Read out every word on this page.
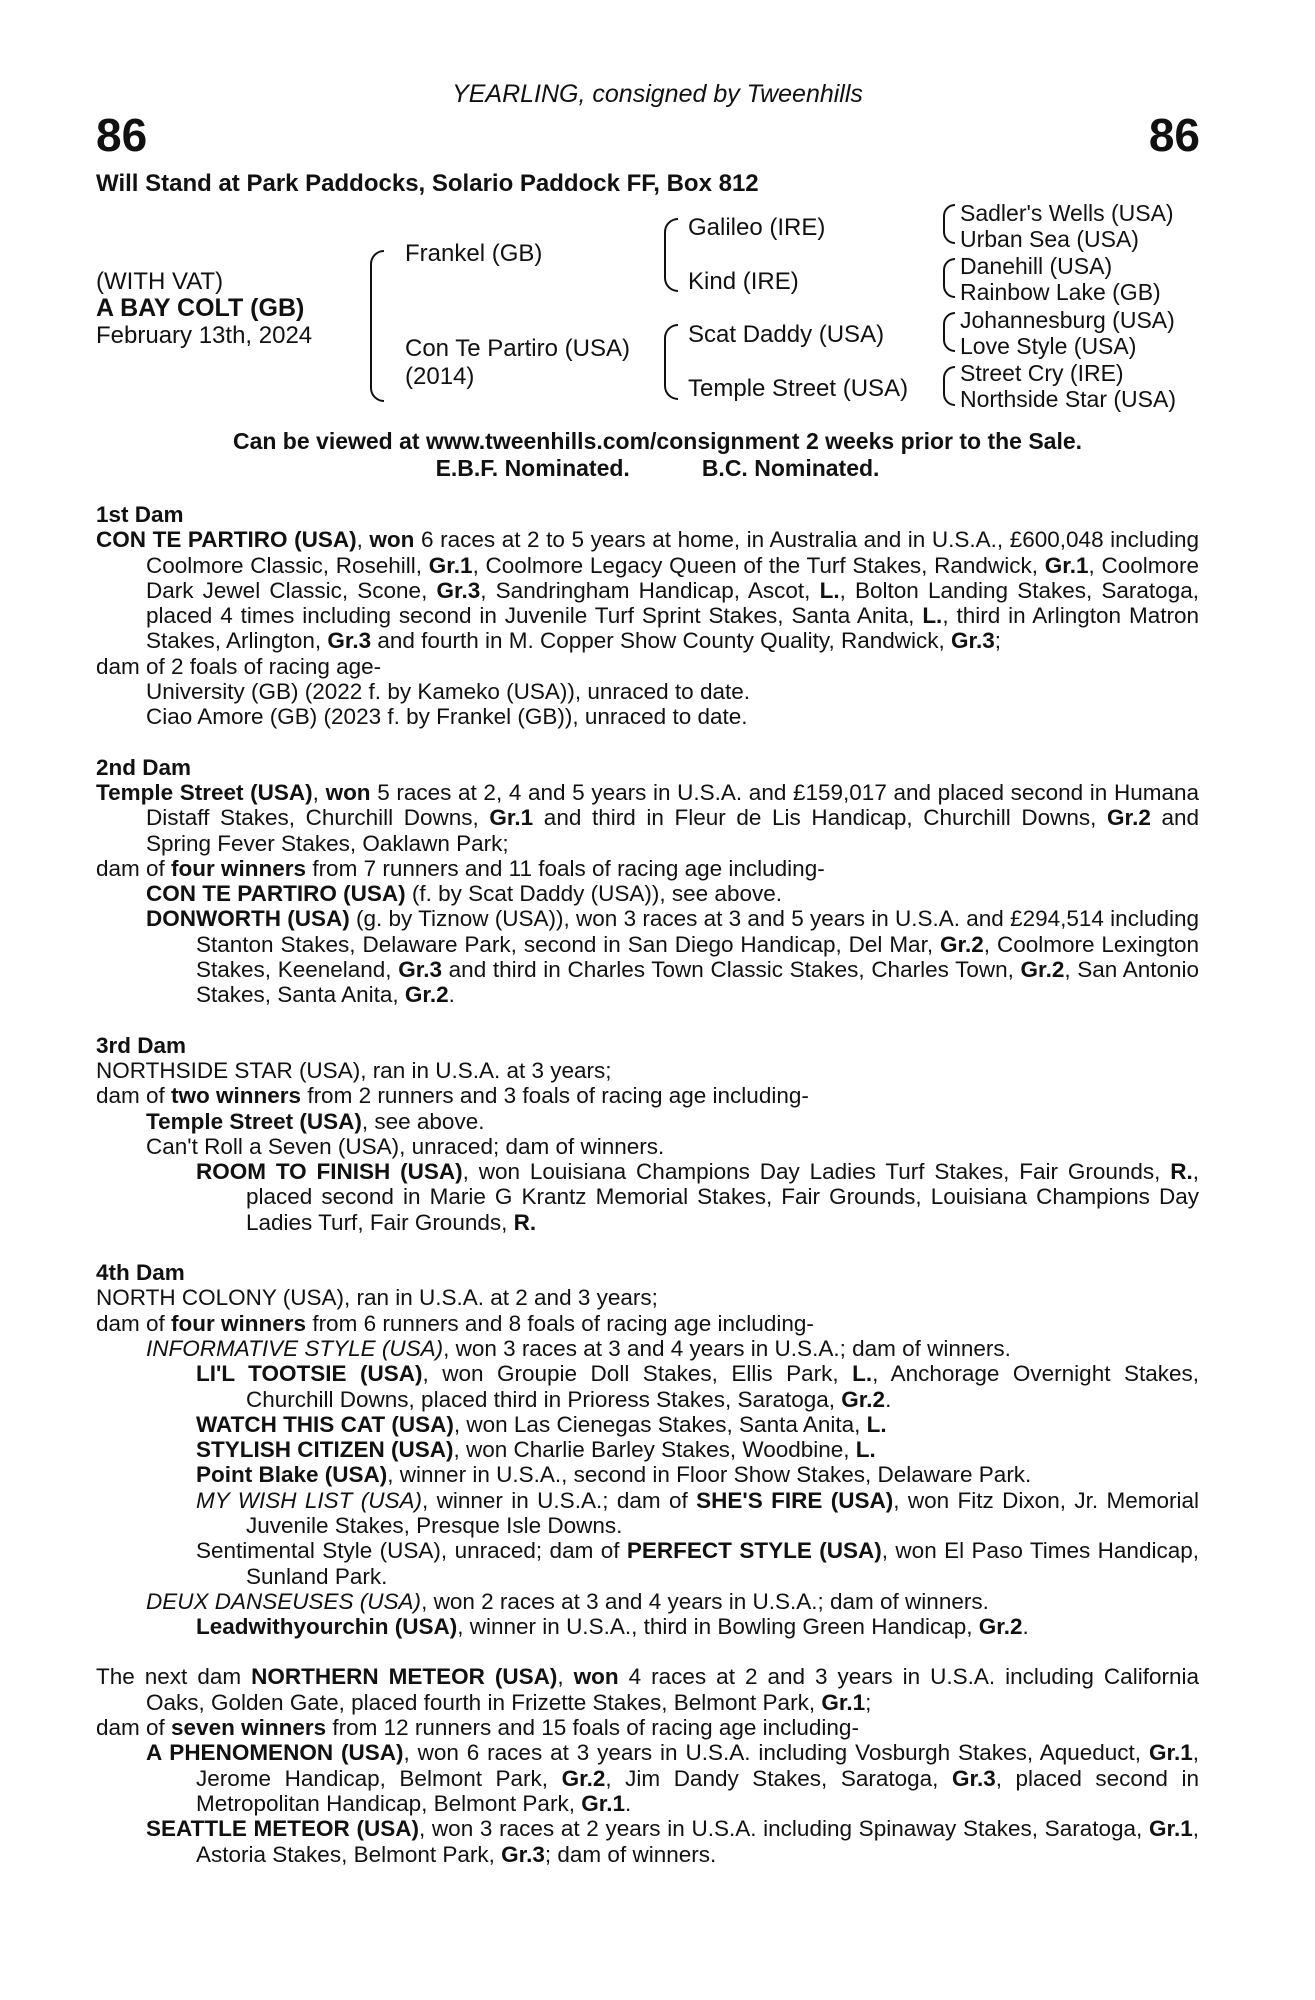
YEARLING, consigned by Tweenhills
86	86
Will Stand at Park Paddocks, Solario Paddock FF, Box 812
(WITH VAT)
A BAY COLT (GB)
February 13th, 2024
Frankel (GB)
Con Te Partiro (USA)
(2014)
Galileo (IRE)
Kind (IRE)
Scat Daddy (USA)
Temple Street (USA)
Sadler's Wells (USA)
Urban Sea (USA)
Danehill (USA)
Rainbow Lake (GB)
Johannesburg (USA)
Love Style (USA)
Street Cry (IRE)
Northside Star (USA)
Can be viewed at www.tweenhills.com/consignment 2 weeks prior to the Sale.
E.B.F. Nominated.	B.C. Nominated.

1st Dam

CON TE PARTIRO (USA), won 6 races at 2 to 5 years at home, in Australia and in U.S.A., £600,048 including Coolmore Classic, Rosehill, Gr.1, Coolmore Legacy Queen of the Turf Stakes, Randwick, Gr.1, Coolmore Dark Jewel Classic, Scone, Gr.3, Sandringham Handicap, Ascot, L., Bolton Landing Stakes, Saratoga, placed 4 times including second in Juvenile Turf Sprint Stakes, Santa Anita, L., third in Arlington Matron Stakes, Arlington, Gr.3 and fourth in M. Copper Show County Quality, Randwick, Gr.3;

dam of 2 foals of racing age-

University (GB) (2022 f. by Kameko (USA)), unraced to date.

Ciao Amore (GB) (2023 f. by Frankel (GB)), unraced to date.

2nd Dam

Temple Street (USA), won 5 races at 2, 4 and 5 years in U.S.A. and £159,017 and placed second in Humana Distaff Stakes, Churchill Downs, Gr.1 and third in Fleur de Lis Handicap, Churchill Downs, Gr.2 and Spring Fever Stakes, Oaklawn Park;

dam of four winners from 7 runners and 11 foals of racing age including-

CON TE PARTIRO (USA) (f. by Scat Daddy (USA)), see above.

DONWORTH (USA) (g. by Tiznow (USA)), won 3 races at 3 and 5 years in U.S.A. and £294,514 including Stanton Stakes, Delaware Park, second in San Diego Handicap, Del Mar, Gr.2, Coolmore Lexington Stakes, Keeneland, Gr.3 and third in Charles Town Classic Stakes, Charles Town, Gr.2, San Antonio Stakes, Santa Anita, Gr.2.

3rd Dam

NORTHSIDE STAR (USA), ran in U.S.A. at 3 years;

dam of two winners from 2 runners and 3 foals of racing age including-

Temple Street (USA), see above.

Can't Roll a Seven (USA), unraced; dam of winners.

ROOM TO FINISH (USA), won Louisiana Champions Day Ladies Turf Stakes, Fair Grounds, R., placed second in Marie G Krantz Memorial Stakes, Fair Grounds, Louisiana Champions Day Ladies Turf, Fair Grounds, R.

4th Dam

NORTH COLONY (USA), ran in U.S.A. at 2 and 3 years;

dam of four winners from 6 runners and 8 foals of racing age including-

INFORMATIVE STYLE (USA), won 3 races at 3 and 4 years in U.S.A.; dam of winners.

LI'L TOOTSIE (USA), won Groupie Doll Stakes, Ellis Park, L., Anchorage Overnight Stakes, Churchill Downs, placed third in Prioress Stakes, Saratoga, Gr.2.

WATCH THIS CAT (USA), won Las Cienegas Stakes, Santa Anita, L.

STYLISH CITIZEN (USA), won Charlie Barley Stakes, Woodbine, L.

Point Blake (USA), winner in U.S.A., second in Floor Show Stakes, Delaware Park.

MY WISH LIST (USA), winner in U.S.A.; dam of SHE'S FIRE (USA), won Fitz Dixon, Jr. Memorial Juvenile Stakes, Presque Isle Downs.

Sentimental Style (USA), unraced; dam of PERFECT STYLE (USA), won El Paso Times Handicap, Sunland Park.

DEUX DANSEUSES (USA), won 2 races at 3 and 4 years in U.S.A.; dam of winners.

Leadwithyourchin (USA), winner in U.S.A., third in Bowling Green Handicap, Gr.2.

The next dam NORTHERN METEOR (USA), won 4 races at 2 and 3 years in U.S.A. including California Oaks, Golden Gate, placed fourth in Frizette Stakes, Belmont Park, Gr.1;

dam of seven winners from 12 runners and 15 foals of racing age including-

A PHENOMENON (USA), won 6 races at 3 years in U.S.A. including Vosburgh Stakes, Aqueduct, Gr.1, Jerome Handicap, Belmont Park, Gr.2, Jim Dandy Stakes, Saratoga, Gr.3, placed second in Metropolitan Handicap, Belmont Park, Gr.1.

SEATTLE METEOR (USA), won 3 races at 2 years in U.S.A. including Spinaway Stakes, Saratoga, Gr.1, Astoria Stakes, Belmont Park, Gr.3; dam of winners.
